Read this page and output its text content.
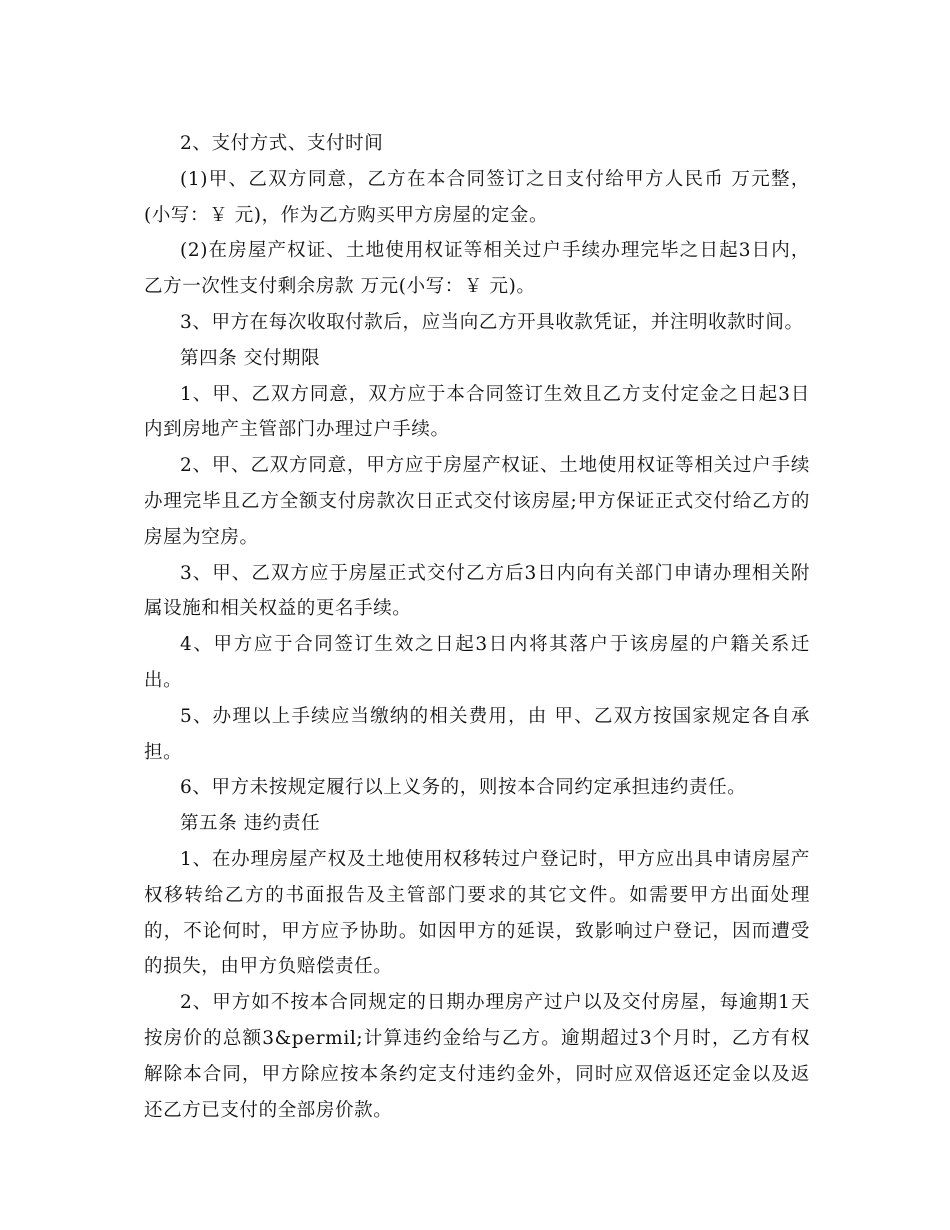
2、支付方式、支付时间

(1)甲、乙双方同意，乙方在本合同签订之日支付给甲方人民币 万元整，(小写：￥ 元)，作为乙方购买甲方房屋的定金。

(2)在房屋产权证、土地使用权证等相关过户手续办理完毕之日起3日内，乙方一次性支付剩余房款 万元(小写：￥ 元)。

3、甲方在每次收取付款后，应当向乙方开具收款凭证，并注明收款时间。

第四条 交付期限

1、甲、乙双方同意，双方应于本合同签订生效且乙方支付定金之日起3日内到房地产主管部门办理过户手续。

2、甲、乙双方同意，甲方应于房屋产权证、土地使用权证等相关过户手续办理完毕且乙方全额支付房款次日正式交付该房屋;甲方保证正式交付给乙方的房屋为空房。

3、甲、乙双方应于房屋正式交付乙方后3日内向有关部门申请办理相关附属设施和相关权益的更名手续。

4、甲方应于合同签订生效之日起3日内将其落户于该房屋的户籍关系迁出。

5、办理以上手续应当缴纳的相关费用，由 甲、乙双方按国家规定各自承担。

6、甲方未按规定履行以上义务的，则按本合同约定承担违约责任。

第五条 违约责任

1、在办理房屋产权及土地使用权移转过户登记时，甲方应出具申请房屋产权移转给乙方的书面报告及主管部门要求的其它文件。如需要甲方出面处理的，不论何时，甲方应予协助。如因甲方的延误，致影响过户登记，因而遭受的损失，由甲方负赔偿责任。

2、甲方如不按本合同规定的日期办理房产过户以及交付房屋，每逾期1天按房价的总额3&permil;计算违约金给与乙方。逾期超过3个月时，乙方有权解除本合同，甲方除应按本条约定支付违约金外，同时应双倍返还定金以及返还乙方已支付的全部房价款。
